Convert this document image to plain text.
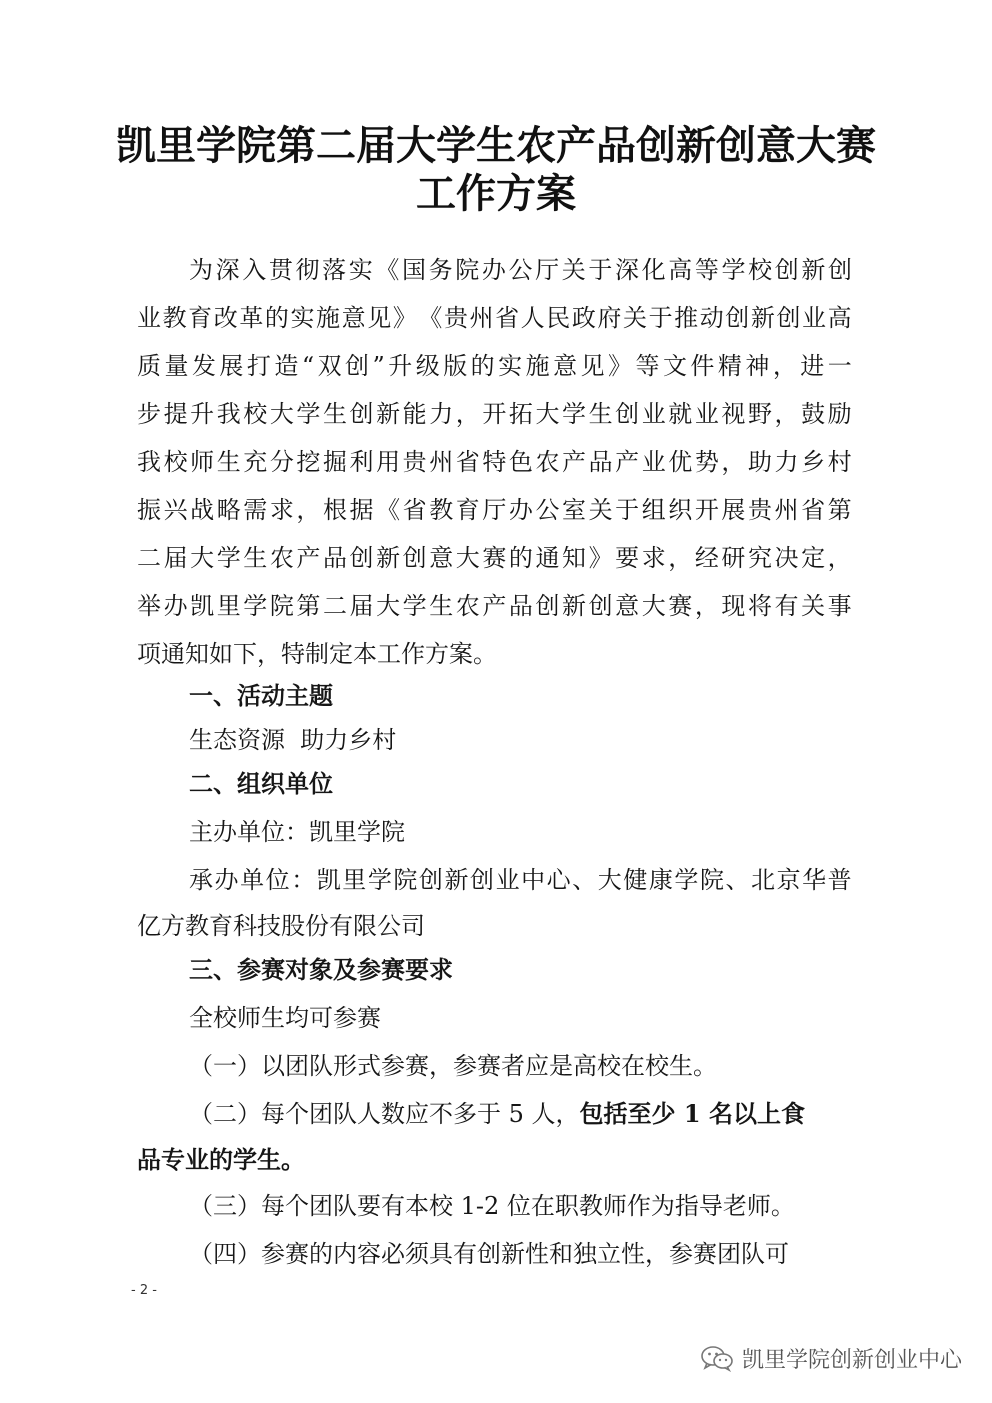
凯里学院第二届大学生农产品创新创意大赛
工作方案
为 深 入 贯 彻 落 实 《 国 务 院 办 公 厅 关 于 深 化 高 等 学 校 创 新 创
业 教 育 改 革 的 实 施 意 见 》 《 贵 州 省 人 民 政 府 关 于 推 动 创 新 创 业 高
质 量 发 展 打 造 “ 双 创 ” 升 级 版 的 实 施 意 见 》 等 文 件 精 神 ， 进 一
步 提 升 我 校 大 学 生 创 新 能 力 ， 开 拓 大 学 生 创 业 就 业 视 野 ， 鼓 励
我 校 师 生 充 分 挖 掘 利 用 贵 州 省 特 色 农 产 品 产 业 优 势 ， 助 力 乡 村
振 兴 战 略 需 求 ， 根 据 《 省 教 育 厅 办 公 室 关 于 组 织 开 展 贵 州 省 第
二 届 大 学 生 农 产 品 创 新 创 意 大 赛 的 通 知 》 要 求 ， 经 研 究 决 定 ，
举 办 凯 里 学 院 第 二 届 大 学 生 农 产 品 创 新 创 意 大 赛 ， 现 将 有 关 事
项通知如下，特制定本工作方案。
一、活动主题
生态资源  助力乡村
二、组织单位
主办单位：凯里学院
承 办 单 位 ： 凯 里 学 院 创 新 创 业 中 心 、 大 健 康 学 院 、 北 京 华 普
亿方教育科技股份有限公司
三、参赛对象及参赛要求
全校师生均可参赛
（一）以团队形式参赛，参赛者应是高校在校生。
（二）每个团队人数应不多于 5 人，包括至少 1 名以上食
品专业的学生。
（三）每个团队要有本校 1-2 位在职教师作为指导老师。
（四）参赛的内容必须具有创新性和独立性，参赛团队可
- 2 -
凯里学院创新创业中心
